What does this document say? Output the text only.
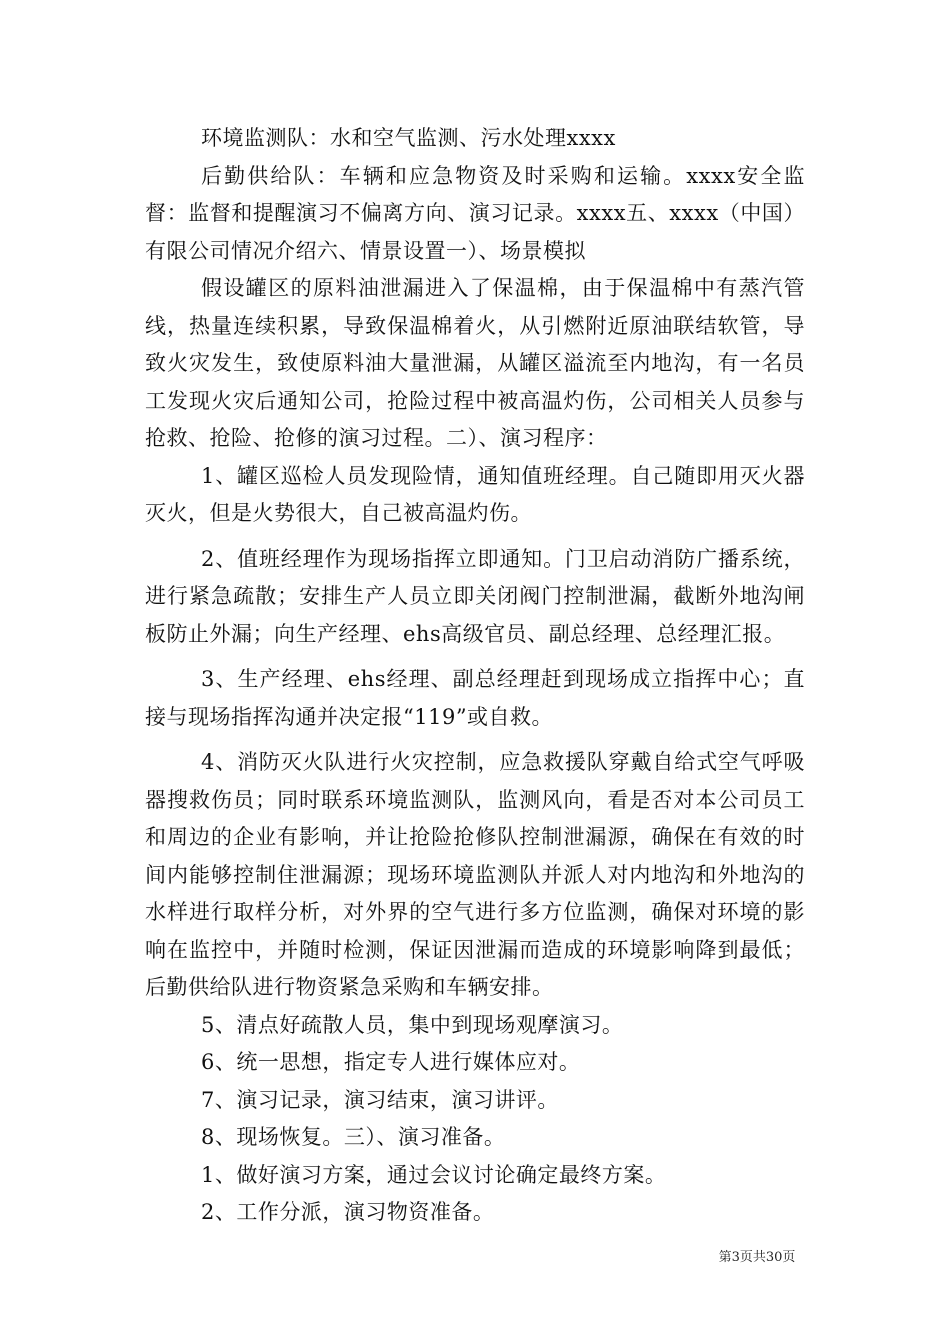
环境监测队：水和空气监测、污水处理xxxx

后勤供给队：车辆和应急物资及时采购和运输。xxxx安全监督：监督和提醒演习不偏离方向、演习记录。xxxx五、xxxx（中国）有限公司情况介绍六、情景设置一）、场景模拟

假设罐区的原料油泄漏进入了保温棉，由于保温棉中有蒸汽管线，热量连续积累，导致保温棉着火，从引燃附近原油联结软管，导致火灾发生，致使原料油大量泄漏，从罐区溢流至内地沟，有一名员工发现火灾后通知公司，抢险过程中被高温灼伤，公司相关人员参与抢救、抢险、抢修的演习过程。二）、演习程序：

1、罐区巡检人员发现险情，通知值班经理。自己随即用灭火器灭火，但是火势很大，自己被高温灼伤。

2、值班经理作为现场指挥立即通知。门卫启动消防广播系统，进行紧急疏散；安排生产人员立即关闭阀门控制泄漏，截断外地沟闸板防止外漏；向生产经理、ehs高级官员、副总经理、总经理汇报。

3、生产经理、ehs经理、副总经理赶到现场成立指挥中心；直接与现场指挥沟通并决定报“119”或自救。

4、消防灭火队进行火灾控制，应急救援队穿戴自给式空气呼吸器搜救伤员；同时联系环境监测队，监测风向，看是否对本公司员工和周边的企业有影响，并让抢险抢修队控制泄漏源，确保在有效的时间内能够控制住泄漏源；现场环境监测队并派人对内地沟和外地沟的水样进行取样分析，对外界的空气进行多方位监测，确保对环境的影响在监控中，并随时检测，保证因泄漏而造成的环境影响降到最低；后勤供给队进行物资紧急采购和车辆安排。

5、清点好疏散人员，集中到现场观摩演习。

6、统一思想，指定专人进行媒体应对。

7、演习记录，演习结束，演习讲评。

8、现场恢复。三）、演习准备。

1、做好演习方案，通过会议讨论确定最终方案。

2、工作分派，演习物资准备。

第3页共30页
